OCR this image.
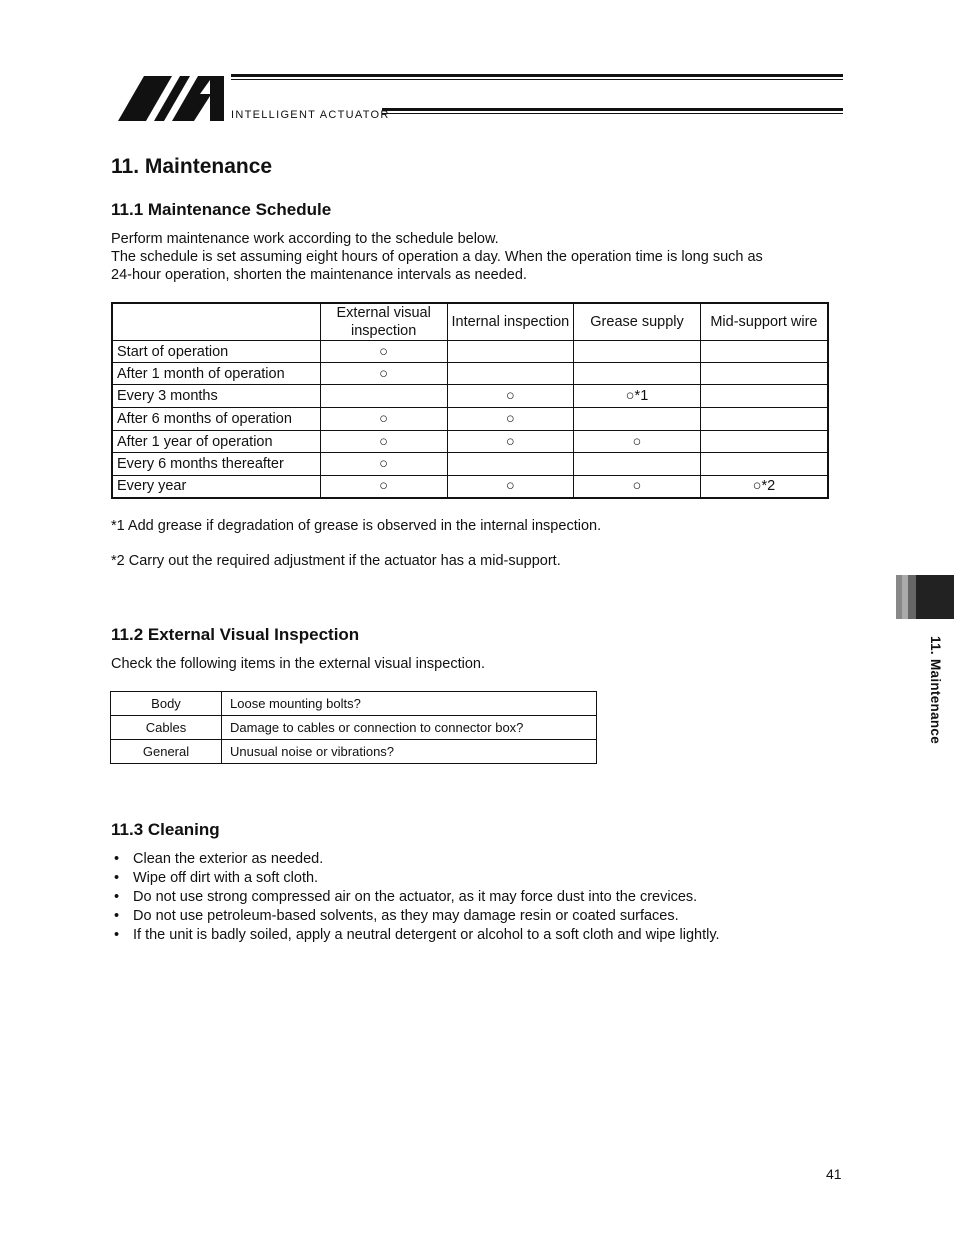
INTELLIGENT ACTUATOR
11. Maintenance
11.1 Maintenance Schedule
Perform maintenance work according to the schedule below.
The schedule is set assuming eight hours of operation a day. When the operation time is long such as
24-hour operation, shorten the maintenance intervals as needed.
	External visual inspection	Internal inspection	Grease supply	Mid-support wire
Start of operation	○			
After 1 month of operation	○			
Every 3 months		○	○*1	
After 6 months of operation	○	○		
After 1 year of operation	○	○	○	
Every 6 months thereafter	○			
Every year	○	○	○	○*2
*1 Add grease if degradation of grease is observed in the internal inspection.
*2 Carry out the required adjustment if the actuator has a mid-support.
11.2 External Visual Inspection
Check the following items in the external visual inspection.
Body	Loose mounting bolts?
Cables	Damage to cables or connection to connector box?
General	Unusual noise or vibrations?
11.3 Cleaning
• Clean the exterior as needed.
• Wipe off dirt with a soft cloth.
• Do not use strong compressed air on the actuator, as it may force dust into the crevices.
• Do not use petroleum-based solvents, as they may damage resin or coated surfaces.
• If the unit is badly soiled, apply a neutral detergent or alcohol to a soft cloth and wipe lightly.
11. Maintenance
41
